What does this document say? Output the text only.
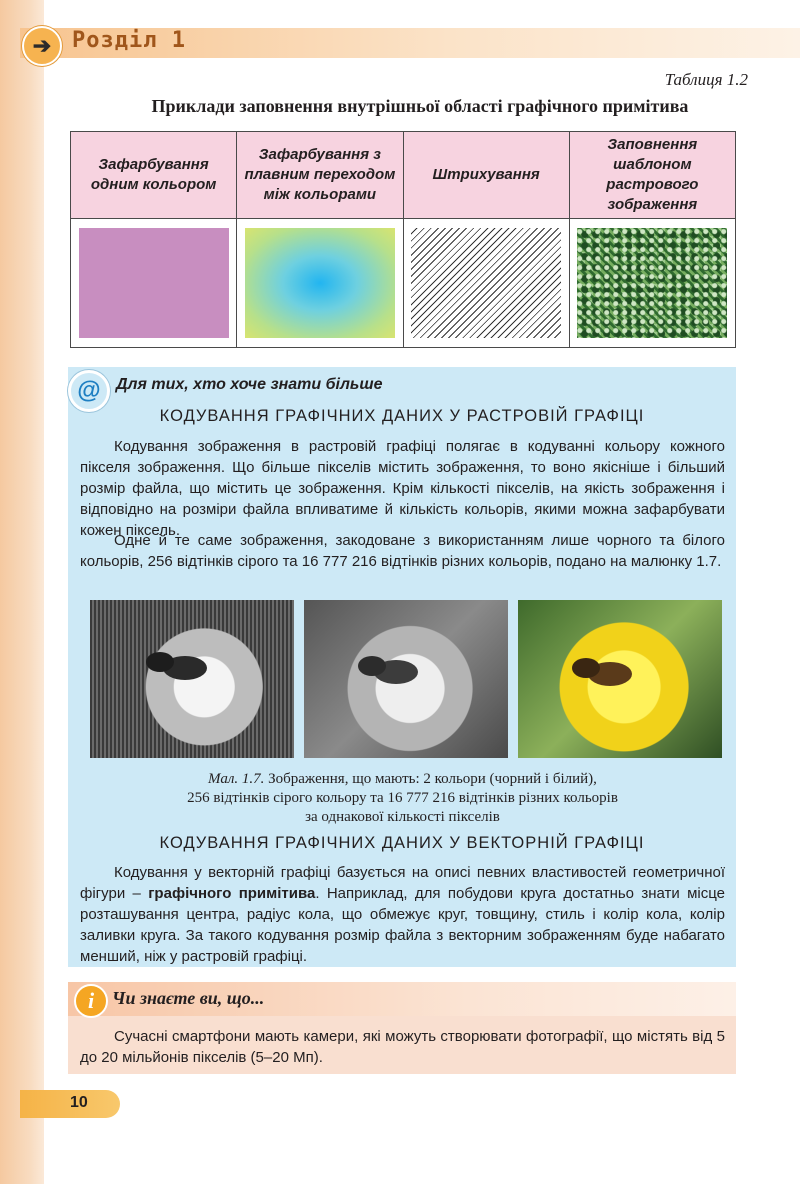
➔ Розділ 1
Таблиця 1.2
Приклади заповнення внутрішньої області графічного примітива
Зафарбування одним кольором	Зафарбування з плавним переходом між кольорами	Штрихування	Заповнення шаблоном растрового зображення

@ Для тих, хто хоче знати більше
КОДУВАННЯ ГРАФІЧНИХ ДАНИХ У РАСТРОВІЙ ГРАФІЦІ

Кодування зображення в растровій графіці полягає в кодуванні кольору кожного пікселя зображення. Що більше пікселів містить зображення, то воно якісніше і більший розмір файла, що містить це зображення. Крім кількості пікселів, на якість зображення і відповідно на розміри файла впливатиме й кількість кольорів, якими можна зафарбувати кожен піксель.

Одне й те саме зображення, закодоване з використанням лише чорного та білого кольорів, 256 відтінків сірого та 16 777 216 відтінків різних кольорів, подано на малюнку 1.7.

Мал. 1.7. Зображення, що мають: 2 кольори (чорний і білий),
256 відтінків сірого кольору та 16 777 216 відтінків різних кольорів
за однакової кількості пікселів
КОДУВАННЯ ГРАФІЧНИХ ДАНИХ У ВЕКТОРНІЙ ГРАФІЦІ

Кодування у векторній графіці базується на описі певних властивостей геометричної фігури – графічного примітива. Наприклад, для побудови круга достатньо знати місце розташування центра, радіус кола, що обмежує круг, товщину, стиль і колір кола, колір заливки круга. За такого кодування розмір файла з векторним зображенням буде набагато менший, ніж у растровій графіці.

i Чи знаєте ви, що...

Сучасні смартфони мають камери, які можуть створювати фотографії, що містять від 5 до 20 мільйонів пікселів (5–20 Мп).

10
